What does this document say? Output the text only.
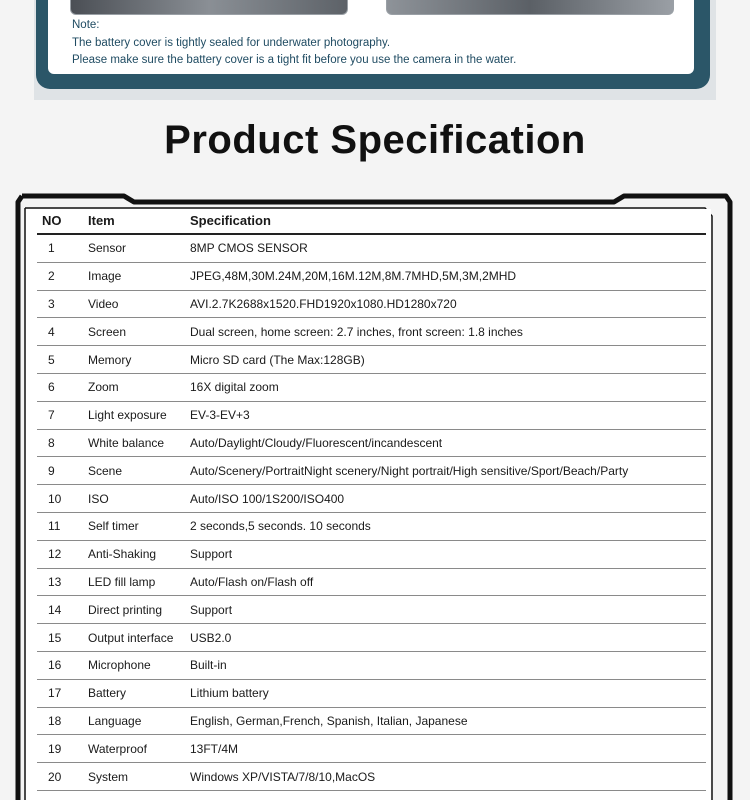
Note:
The battery cover is tightly sealed for underwater photography.
Please make sure the battery cover is a tight fit before you use the camera in the water.
Product Specification
NO	Item	Specification
1	Sensor	8MP CMOS SENSOR
2	Image	JPEG,48M,30M.24M,20M,16M.12M,8M.7MHD,5M,3M,2MHD
3	Video	AVI.2.7K2688x1520.FHD1920x1080.HD1280x720
4	Screen	Dual screen, home screen: 2.7 inches, front screen: 1.8 inches
5	Memory	Micro SD card (The Max:128GB)
6	Zoom	16X digital zoom
7	Light exposure	EV-3-EV+3
8	White balance	Auto/Daylight/Cloudy/Fluorescent/incandescent
9	Scene	Auto/Scenery/PortraitNight scenery/Night portrait/High sensitive/Sport/Beach/Party
10	ISO	Auto/ISO 100/1S200/ISO400
11	Self timer	2 seconds,5 seconds. 10 seconds
12	Anti-Shaking	Support
13	LED fill lamp	Auto/Flash on/Flash off
14	Direct printing	Support
15	Output interface	USB2.0
16	Microphone	Built-in
17	Battery	Lithium battery
18	Language	English, German,French, Spanish, Italian, Japanese
19	Waterproof	13FT/4M
20	System	Windows XP/VISTA/7/8/10,MacOS
